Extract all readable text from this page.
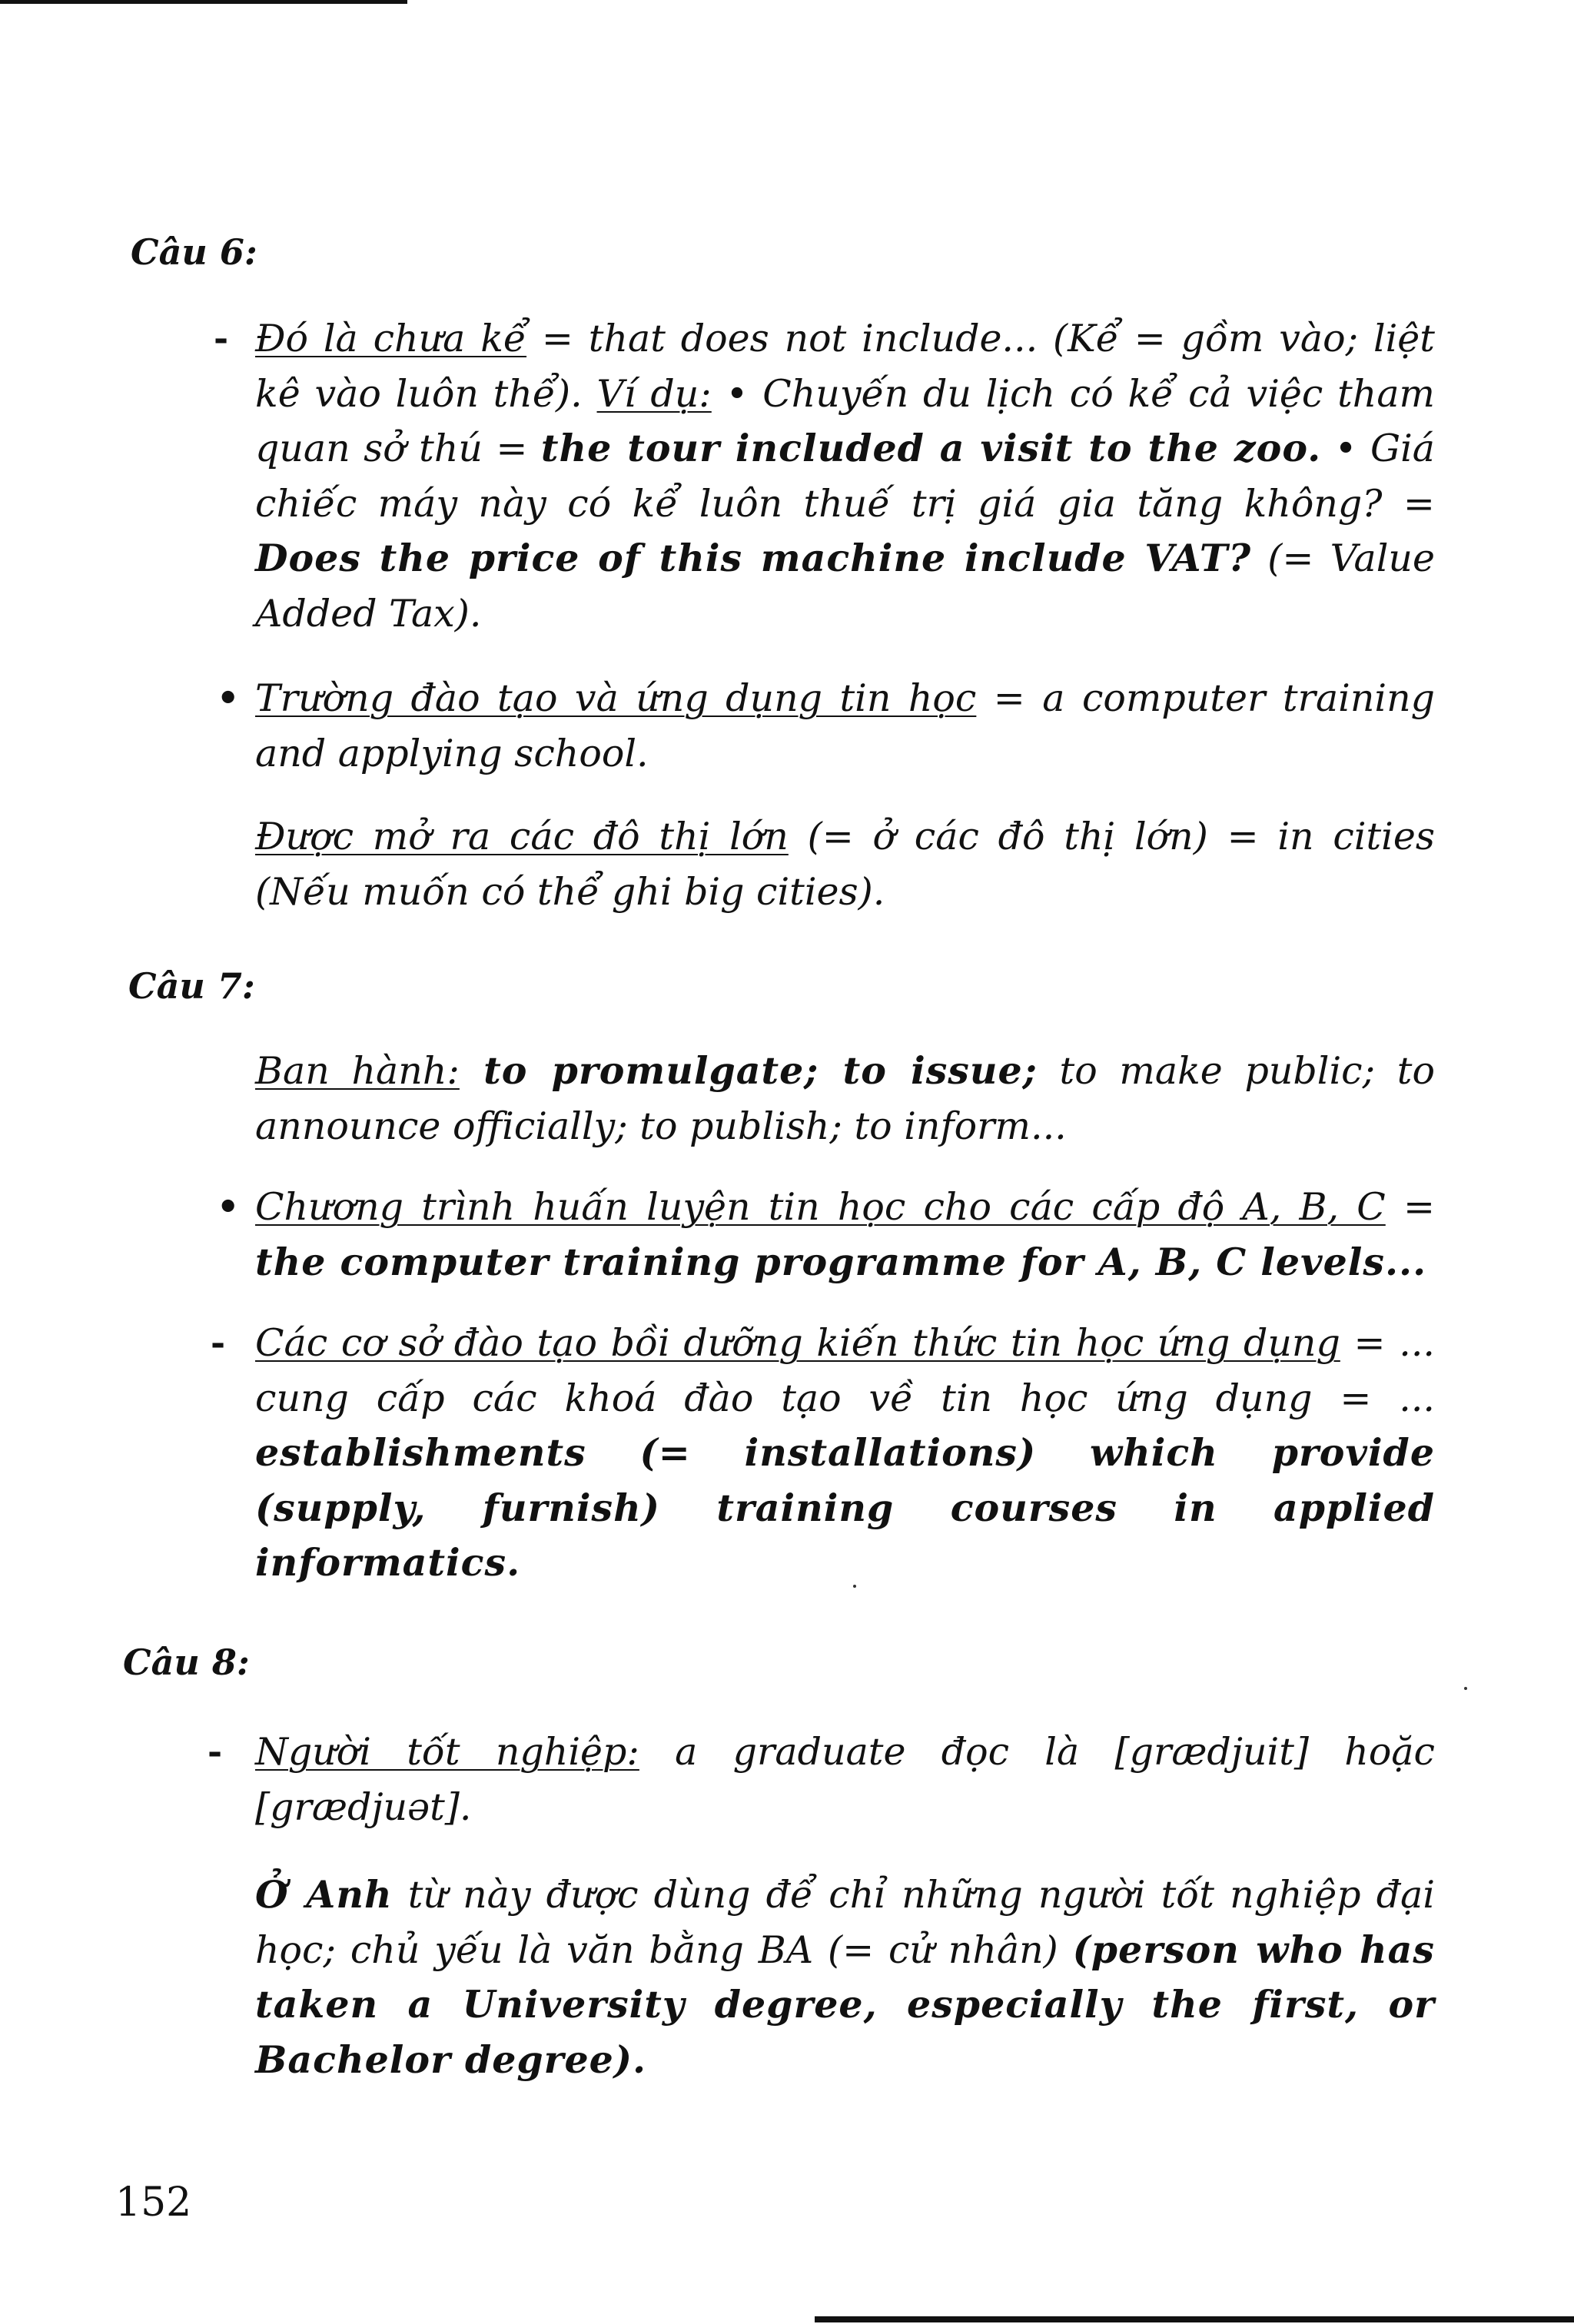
Câu 6:
- Đó là chưa kể = that does not include... (Kể = gồm vào; liệt kê vào luôn thể). Ví dụ: • Chuyến du lịch có kể cả việc tham quan sở thú = the tour included a visit to the zoo. • Giá chiếc máy này có kể luôn thuế trị giá gia tăng không? = Does the price of this machine include VAT? (= Value Added Tax).
• Trường đào tạo và ứng dụng tin học = a computer training and applying school.
Được mở ra các đô thị lớn (= ở các đô thị lớn) = in cities (Nếu muốn có thể ghi big cities).
Câu 7:
Ban hành: to promulgate; to issue; to make public; to announce officially; to publish; to inform...
• Chương trình huấn luyện tin học cho các cấp độ A, B, C = the computer training programme for A, B, C levels...
- Các cơ sở đào tạo bồi dưỡng kiến thức tin học ứng dụng = ... cung cấp các khoá đào tạo về tin học ứng dụng = ... establishments (= installations) which provide (supply, furnish) training courses in applied informatics.
Câu 8:
- Người tốt nghiệp: a graduate đọc là [grædjuit] hoặc [grædjuət].
Ở Anh từ này được dùng để chỉ những người tốt nghiệp đại học; chủ yếu là văn bằng BA (= cử nhân) (person who has taken a University degree, especially the first, or Bachelor degree).
152
